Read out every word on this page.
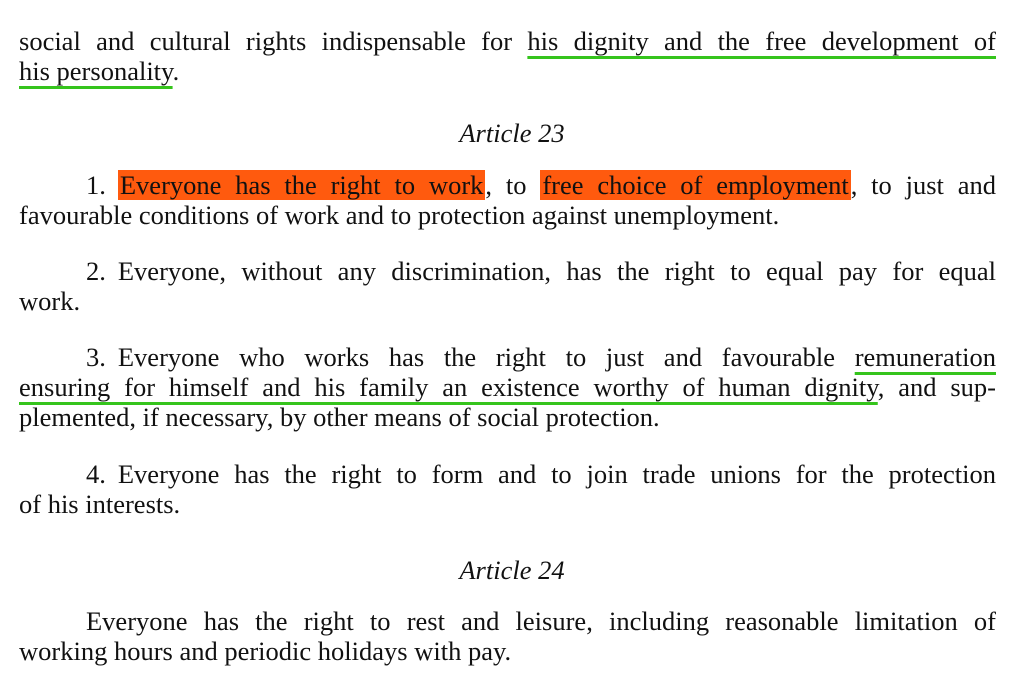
social and cultural rights indispensable for his dignity and the free development of
his personality.
Article 23
1. Everyone has the right to work, to free choice of employment, to just and
favourable conditions of work and to protection against unemployment.
2. Everyone, without any discrimination, has the right to equal pay for equal
work.
3. Everyone who works has the right to just and favourable remuneration
ensuring for himself and his family an existence worthy of human dignity, and sup-
plemented, if necessary, by other means of social protection.
4. Everyone has the right to form and to join trade unions for the protection
of his interests.
Article 24
Everyone has the right to rest and leisure, including reasonable limitation of
working hours and periodic holidays with pay.
